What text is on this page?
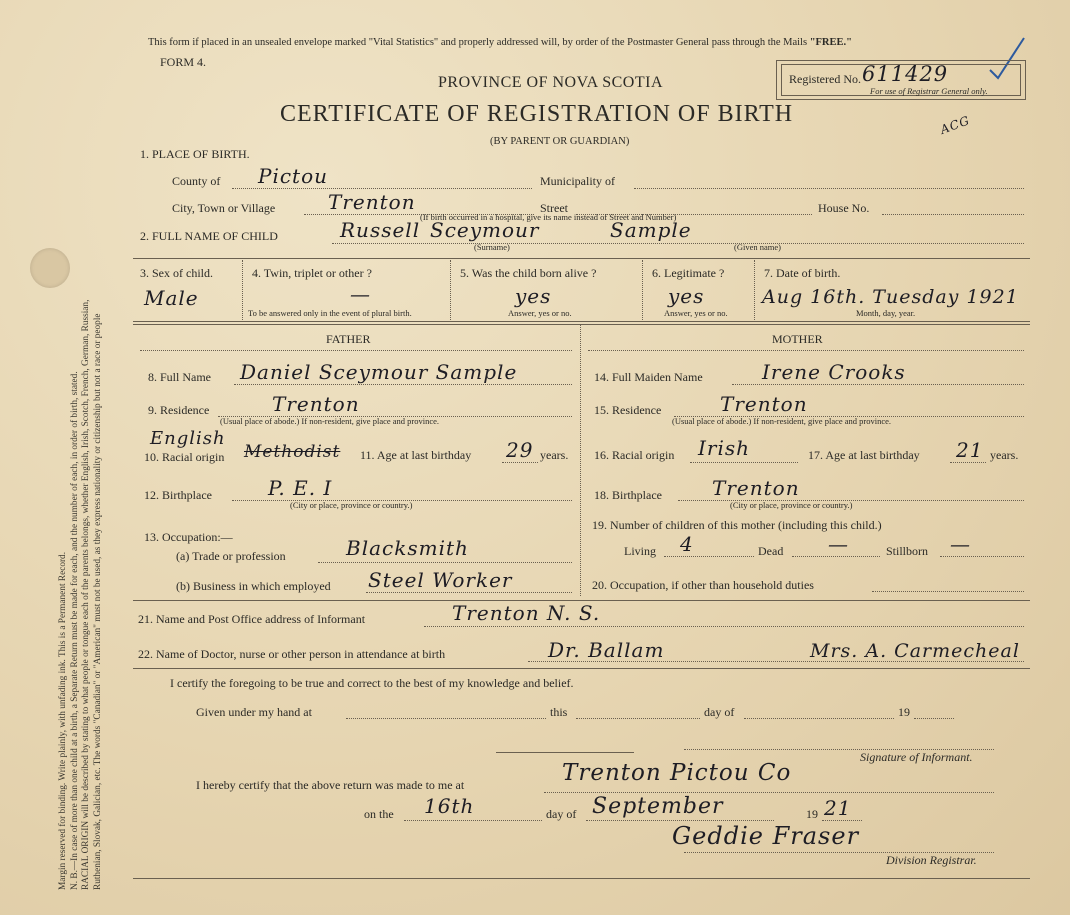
Margin reserved for binding. Write plainly, with unfading ink. This is a Permanent Record. N. B.—In case of more than one child at a birth, a Separate Return must be made for each, and the number of each, in order of birth, stated. RACIAL ORIGIN will be described by stating to what people or tongue each of the parents belongs, whether English, Irish, Scotch, French, German, Russian, Ruthenian, Slovak, Galician, etc. The words "Canadian" or "American" must not be used, as they express nationality or citizenship but not a race or people
This form if placed in an unsealed envelope marked "Vital Statistics" and properly addressed will, by order of the Postmaster General pass through the Mails "FREE."
FORM 4.
PROVINCE OF NOVA SCOTIA
CERTIFICATE OF REGISTRATION OF BIRTH
(BY PARENT OR GUARDIAN)
Registered No. 611429
For use of Registrar General only.
ACG
1. PLACE OF BIRTH.
County of Pictou	Municipality of
City, Town or Village	Trenton	Street	House No.
(If birth occurred in a hospital, give its name instead of Street and Number)
2. FULL NAME OF CHILD	Russell Sceymour	Sample
(Surname)	(Given name)
3. Sex of child.
Male
4. Twin, triplet or other ?
—
To be answered only in the event of plural birth.
5. Was the child born alive ?
yes
Answer, yes or no.
6. Legitimate ?
yes
Answer, yes or no.
7. Date of birth.
Aug 16th. Tuesday 1921
Month, day, year.
FATHER	MOTHER
8. Full Name Daniel Sceymour Sample
9. Residence	Trenton
(Usual place of abode.) If non-resident, give place and province.
10. Racial origin
English
Methodist 11. Age at last birthday 29 years.
12. Birthplace	P. E. I
(City or place, province or country.)
13. Occupation:—
(a) Trade or profession	Blacksmith
(b) Business in which employed Steel Worker
14. Full Maiden Name	Irene Crooks
15. Residence	Trenton
(Usual place of abode.) If non-resident, give place and province.
16. Racial origin Irish	17. Age at last birthday 21 years.
18. Birthplace	Trenton
(City or place, province or country.)
19. Number of children of this mother (including this child.)
Living 4	Dead —	Stillborn —
20. Occupation, if other than household duties
21. Name and Post Office address of Informant	Trenton N. S.
22. Name of Doctor, nurse or other person in attendance at birth	Dr. Ballam	Mrs. A. Carmecheal
I certify the foregoing to be true and correct to the best of my knowledge and belief.
Given under my hand at	this	day of	19
Signature of Informant.
I hereby certify that the above return was made to me at	Trenton Pictou Co
on the 16th	day of September	19 21
Geddie Fraser
Division Registrar.
